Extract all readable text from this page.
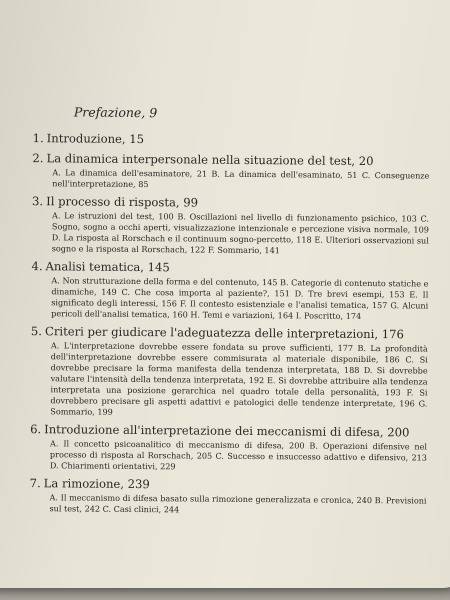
Prefazione, 9
1. Introduzione, 15
2. La dinamica interpersonale nella situazione del test, 20
A. La dinamica dell'esaminatore, 21 B. La dinamica dell'esaminato, 51 C. Conseguenze nell'interpretazione, 85
3. Il processo di risposta, 99
A. Le istruzioni del test, 100 B. Oscillazioni nel livello di funzionamento psichico, 103 C. Sogno, sogno a occhi aperti, visualizzazione intenzionale e percezione visiva normale, 109 D. La risposta al Rorschach e il continuum sogno-percetto, 118 E. Ulteriori osservazioni sul sogno e la risposta al Rorschach, 122 F. Sommario, 141
4. Analisi tematica, 145
A. Non strutturazione della forma e del contenuto, 145 B. Categorie di contenuto statiche e dinamiche, 149 C. Che cosa importa al paziente?, 151 D. Tre brevi esempi, 153 E. Il significato degli interessi, 156 F. Il contesto esistenziale e l'analisi tematica, 157 G. Alcuni pericoli dell'analisi tematica, 160 H. Temi e variazioni, 164 I. Poscritto, 174
5. Criteri per giudicare l'adeguatezza delle interpretazioni, 176
A. L'interpretazione dovrebbe essere fondata su prove sufficienti, 177 B. La profondità dell'interpretazione dovrebbe essere commisurata al materiale disponibile, 186 C. Si dovrebbe precisare la forma manifesta della tendenza interpretata, 188 D. Si dovrebbe valutare l'intensità della tendenza interpretata, 192 E. Si dovrebbe attribuire alla tendenza interpretata una posizione gerarchica nel quadro totale della personalità, 193 F. Si dovrebbero precisare gli aspetti adattivi e patologici delle tendenze interpretate, 196 G. Sommario, 199
6. Introduzione all'interpretazione dei meccanismi di difesa, 200
A. Il concetto psicoanalitico di meccanismo di difesa, 200 B. Operazioni difensive nel processo di risposta al Rorschach, 205 C. Successo e insuccesso adattivo e difensivo, 213 D. Chiarimenti orientativi, 229
7. La rimozione, 239
A. Il meccanismo di difesa basato sulla rimozione generalizzata e cronica, 240 B. Previsioni sul test, 242 C. Casi clinici, 244
